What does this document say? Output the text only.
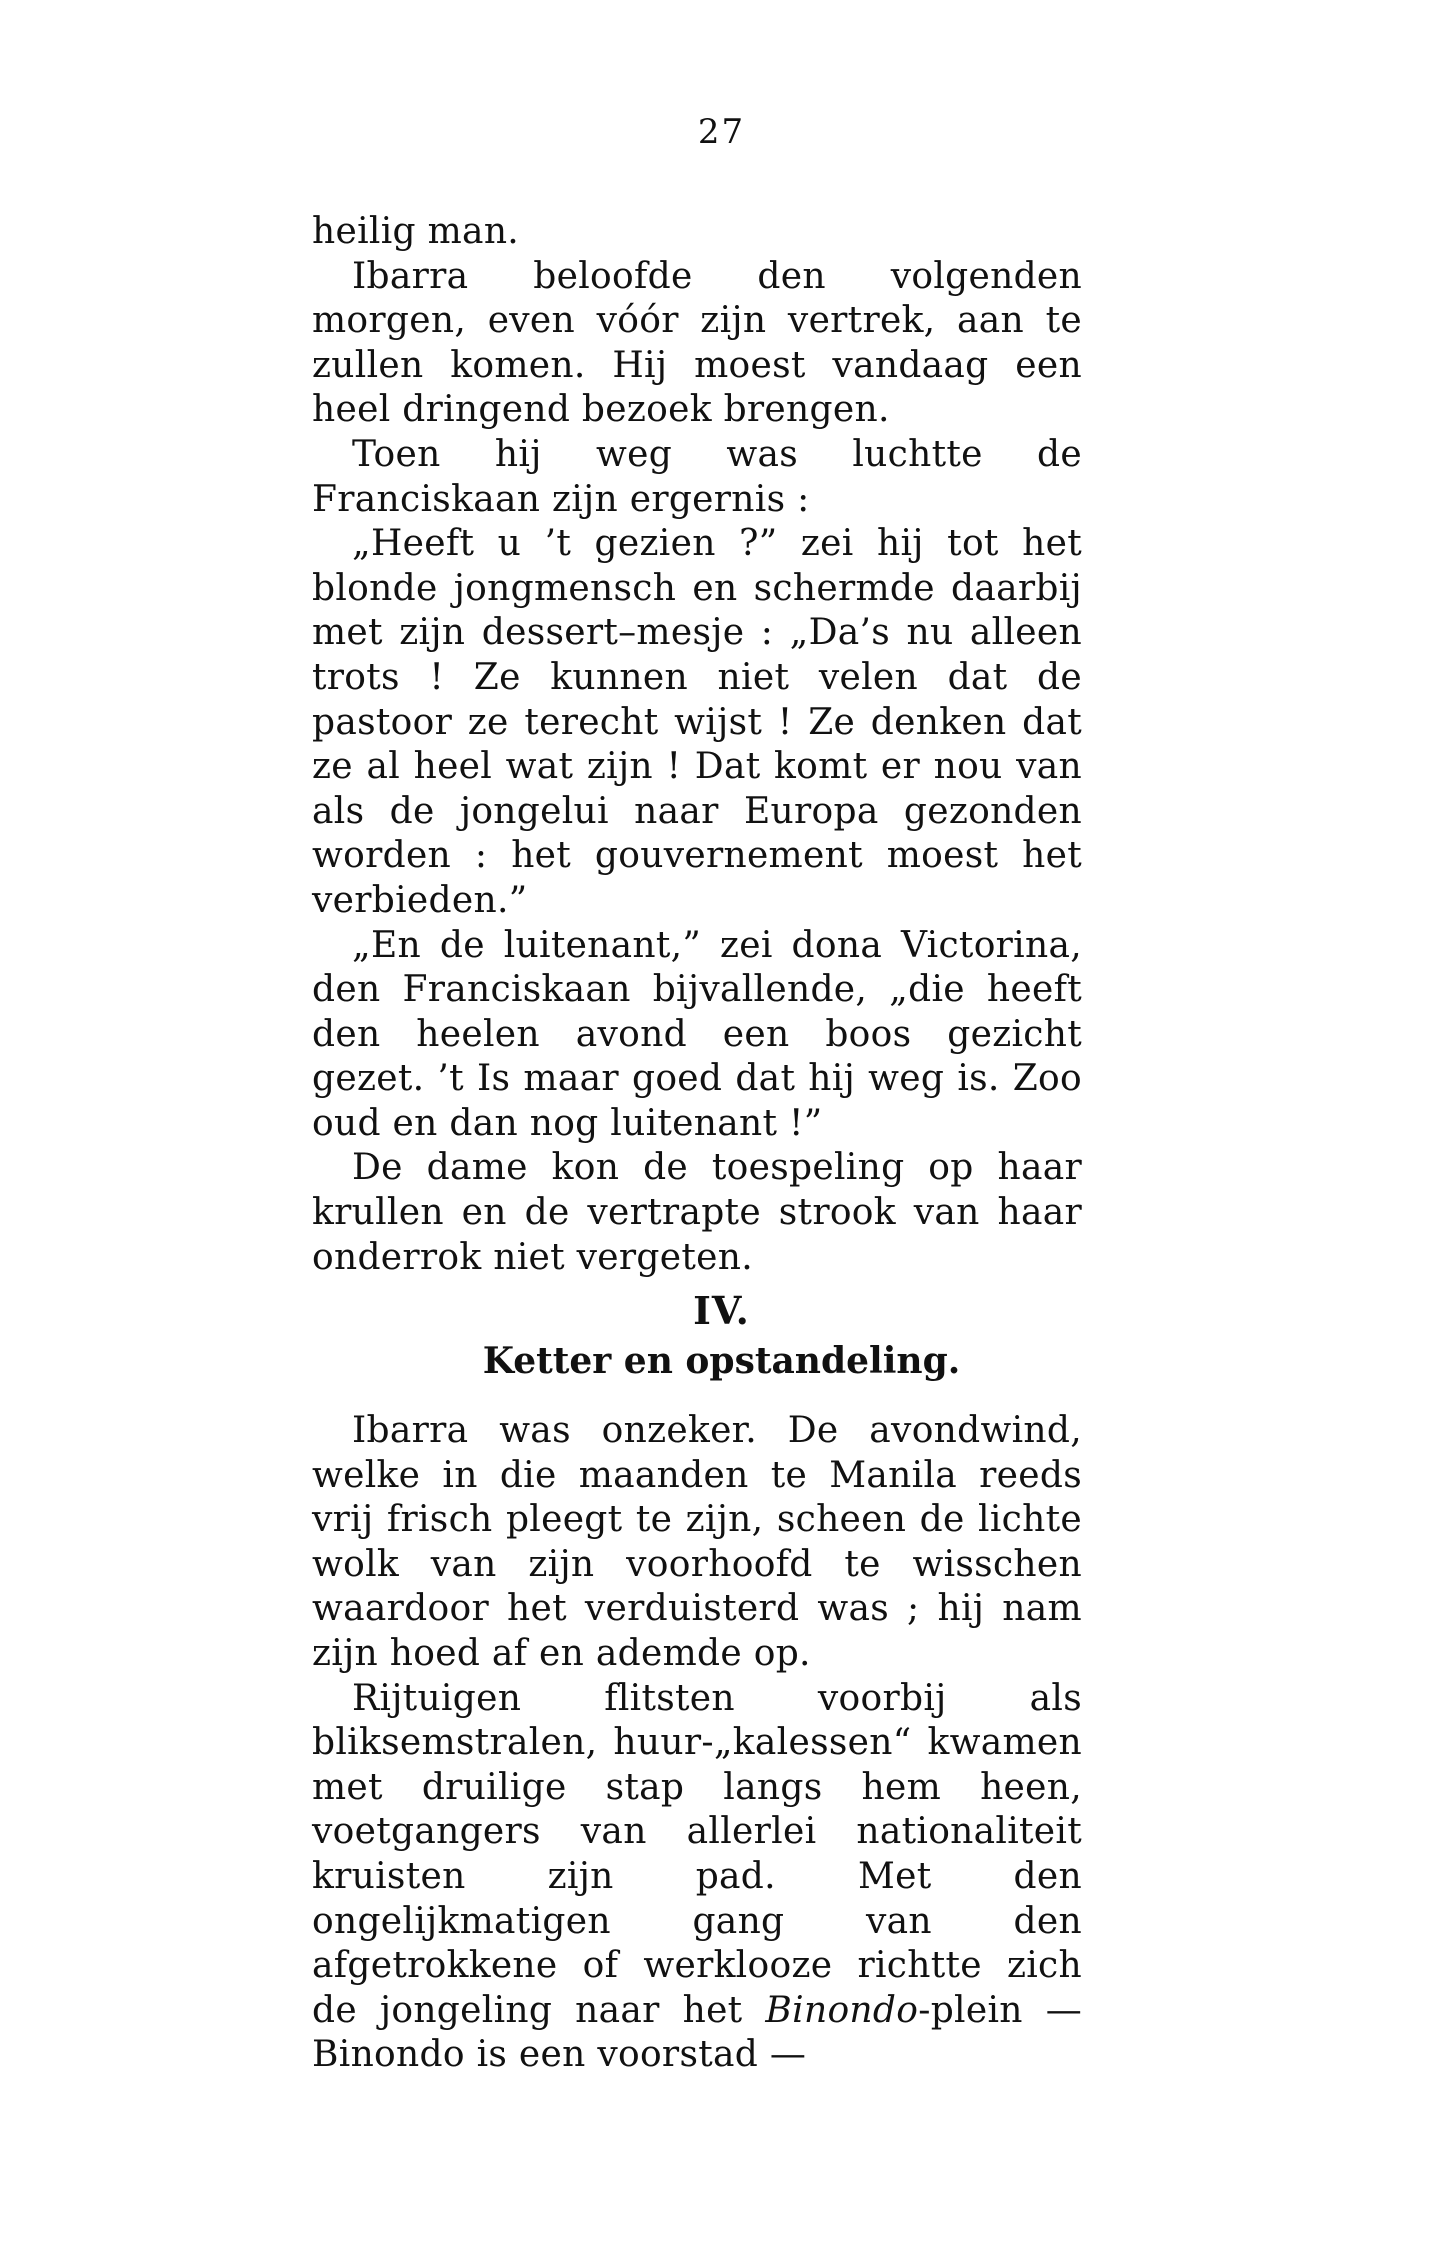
27

heilig man.

Ibarra beloofde den volgenden morgen, even vóór zijn vertrek, aan te zullen komen. Hij moest vandaag een heel dringend bezoek brengen.

Toen hij weg was luchtte de Franciskaan zijn ergernis :

„Heeft u ’t gezien ?” zei hij tot het blonde jongmensch en schermde daarbij met zijn dessert–mesje : „Da’s nu alleen trots ! Ze kunnen niet velen dat de pastoor ze terecht wijst ! Ze denken dat ze al heel wat zijn ! Dat komt er nou van als de jongelui naar Europa gezonden worden : het gouvernement moest het verbieden.”

„En de luitenant,” zei dona Victorina, den Franciskaan bijvallende, „die heeft den heelen avond een boos gezicht gezet. ’t Is maar goed dat hij weg is. Zoo oud en dan nog luitenant !”

De dame kon de toespeling op haar krullen en de vertrapte strook van haar onderrok niet vergeten.

IV.
Ketter en opstandeling.

Ibarra was onzeker. De avondwind, welke in die maanden te Manila reeds vrij frisch pleegt te zijn, scheen de lichte wolk van zijn voorhoofd te wisschen waardoor het verduisterd was ; hij nam zijn hoed af en ademde op.

Rijtuigen flitsten voorbij als bliksemstralen, huur-„kalessen“ kwamen met druilige stap langs hem heen, voetgangers van allerlei nationaliteit kruisten zijn pad. Met den ongelijkmatigen gang van den afgetrokkene of werklooze richtte zich de jongeling naar het Binondo-plein — Binondo is een voorstad —
